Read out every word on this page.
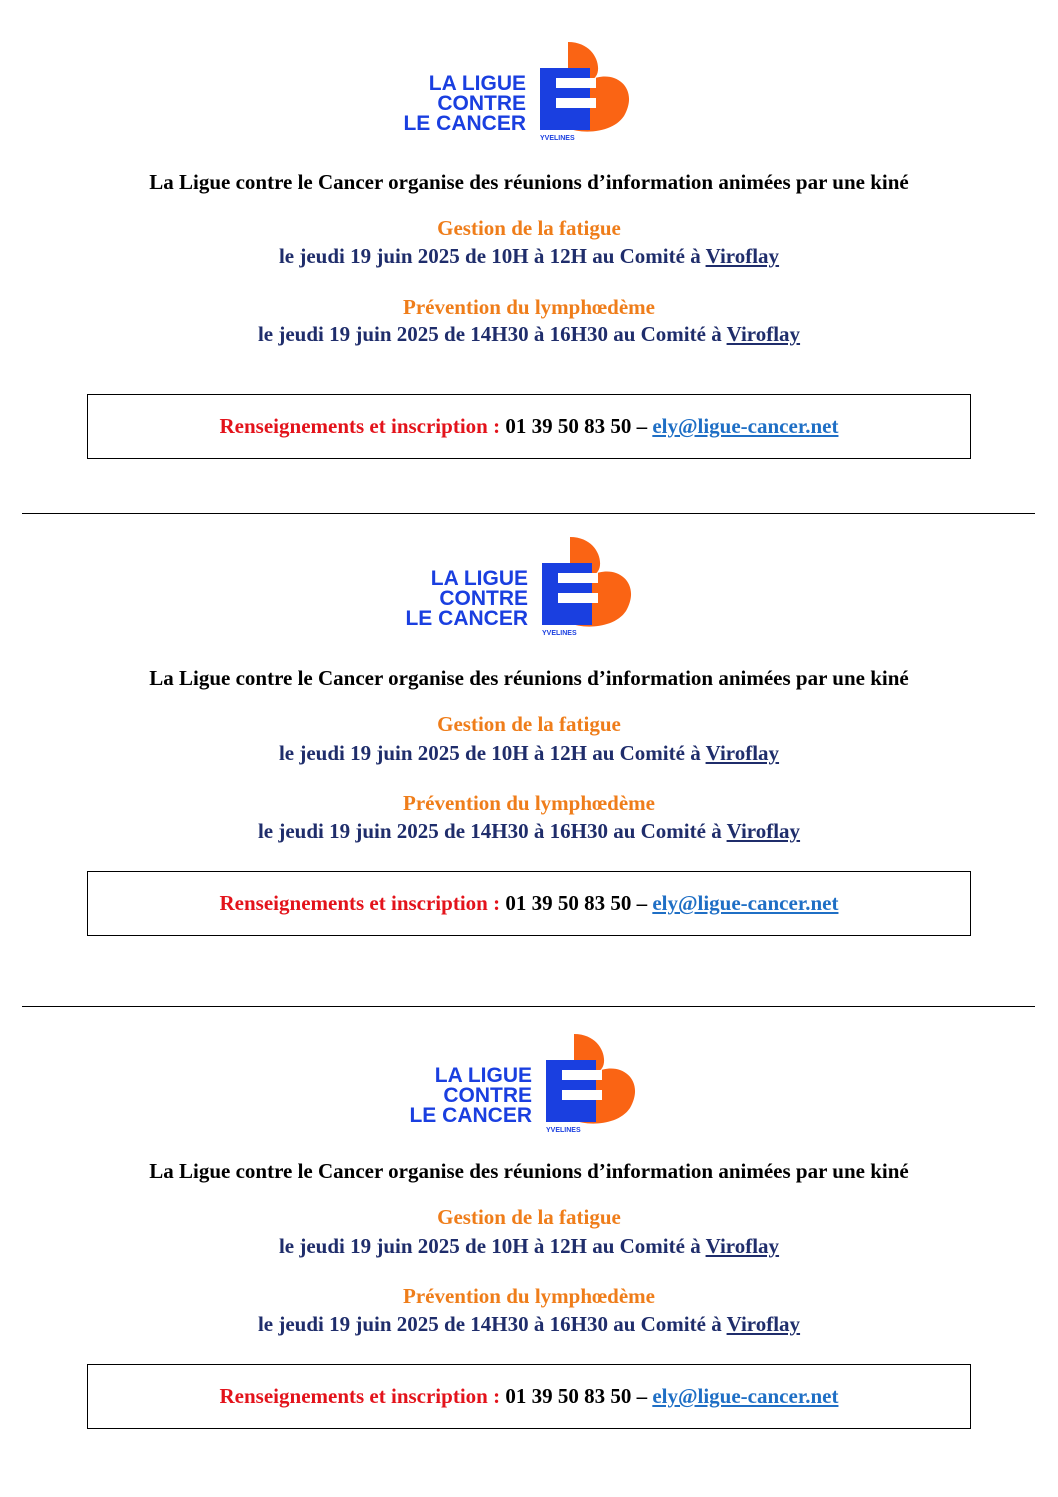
LA LIGUE
CONTRE
LE CANCER
YVELINES

La Ligue contre le Cancer organise des réunions d’information animées par une kiné

Gestion de la fatigue

le jeudi 19 juin 2025 de 10H à 12H au Comité à Viroflay

Prévention du lymphœdème

le jeudi 19 juin 2025 de 14H30 à 16H30 au Comité à Viroflay

Renseignements et inscription : 01 39 50 83 50 – ely@ligue-cancer.net
LA LIGUE
CONTRE
LE CANCER
YVELINES

La Ligue contre le Cancer organise des réunions d’information animées par une kiné

Gestion de la fatigue

le jeudi 19 juin 2025 de 10H à 12H au Comité à Viroflay

Prévention du lymphœdème

le jeudi 19 juin 2025 de 14H30 à 16H30 au Comité à Viroflay

Renseignements et inscription : 01 39 50 83 50 – ely@ligue-cancer.net
LA LIGUE
CONTRE
LE CANCER
YVELINES

La Ligue contre le Cancer organise des réunions d’information animées par une kiné

Gestion de la fatigue

le jeudi 19 juin 2025 de 10H à 12H au Comité à Viroflay

Prévention du lymphœdème

le jeudi 19 juin 2025 de 14H30 à 16H30 au Comité à Viroflay

Renseignements et inscription : 01 39 50 83 50 – ely@ligue-cancer.net
